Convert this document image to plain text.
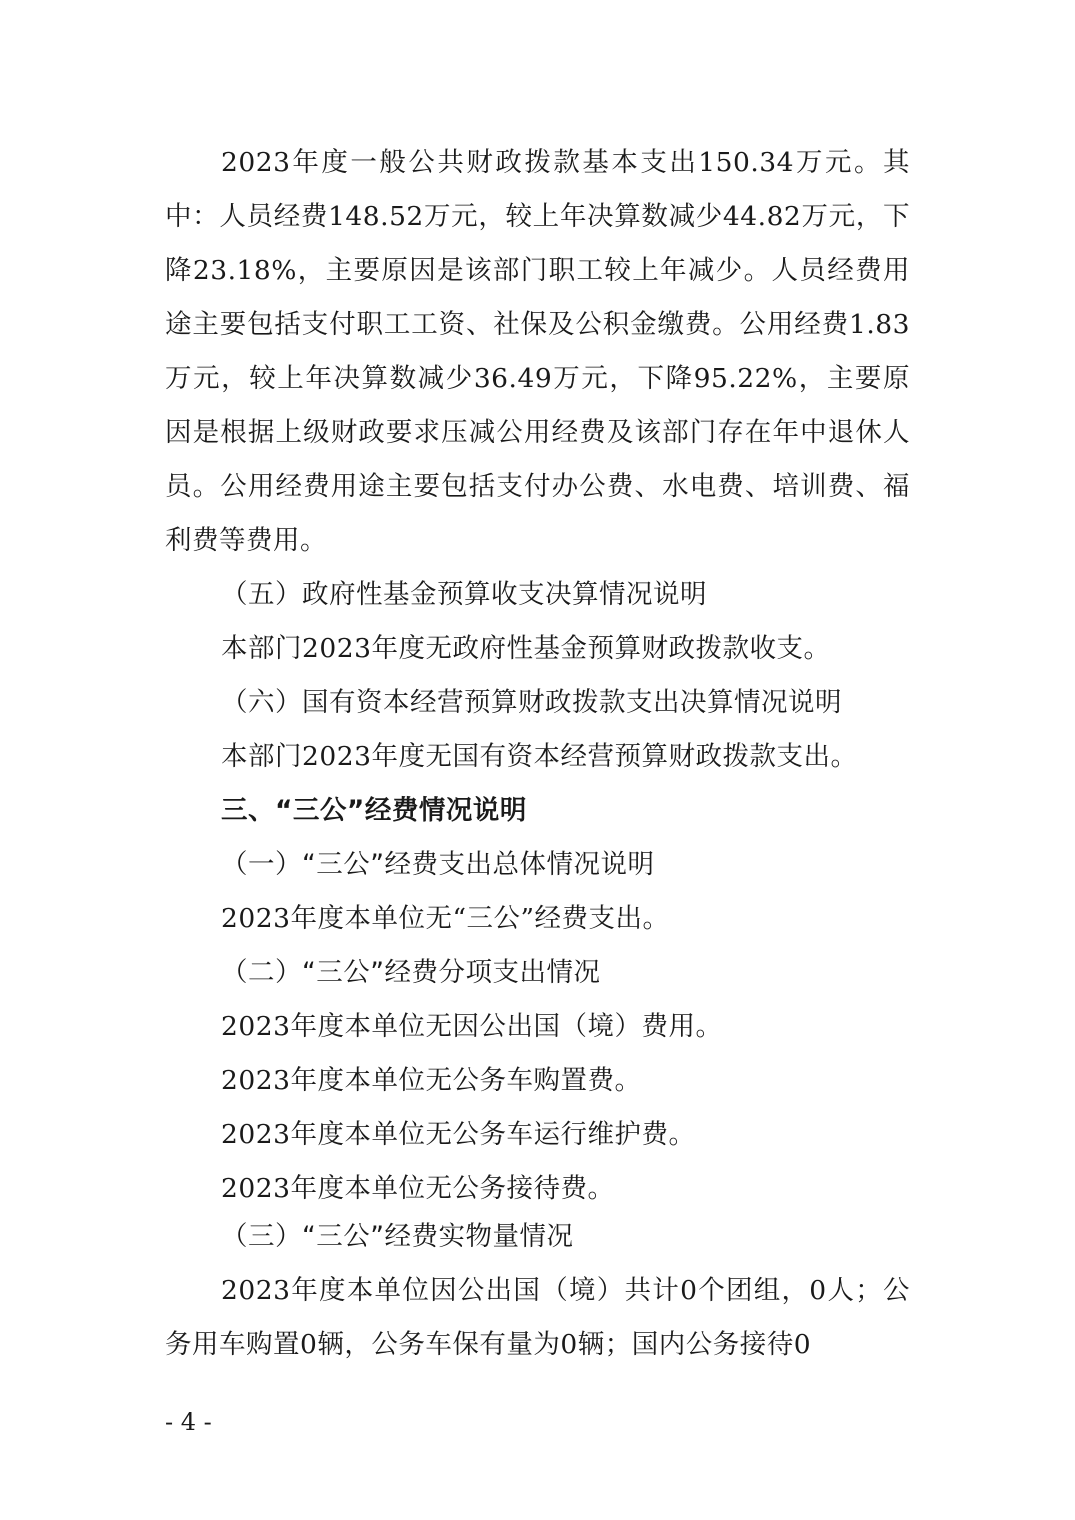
2023年度一般公共财政拨款基本支出150.34万元。其中：人员经费148.52万元，较上年决算数减少44.82万元，下降23.18%，主要原因是该部门职工较上年减少。人员经费用途主要包括支付职工工资、社保及公积金缴费。公用经费1.83万元，较上年决算数减少36.49万元，下降95.22%，主要原因是根据上级财政要求压减公用经费及该部门存在年中退休人员。公用经费用途主要包括支付办公费、水电费、培训费、福利费等费用。
（五）政府性基金预算收支决算情况说明
本部门2023年度无政府性基金预算财政拨款收支。
（六）国有资本经营预算财政拨款支出决算情况说明
本部门2023年度无国有资本经营预算财政拨款支出。
三、“三公”经费情况说明
（一）“三公”经费支出总体情况说明
2023年度本单位无“三公”经费支出。
（二）“三公”经费分项支出情况
2023年度本单位无因公出国（境）费用。
2023年度本单位无公务车购置费。
2023年度本单位无公务车运行维护费。
2023年度本单位无公务接待费。
（三）“三公”经费实物量情况
2023年度本单位因公出国（境）共计0个团组，0人；公务用车购置0辆，公务车保有量为0辆；国内公务接待0
- 4 -
